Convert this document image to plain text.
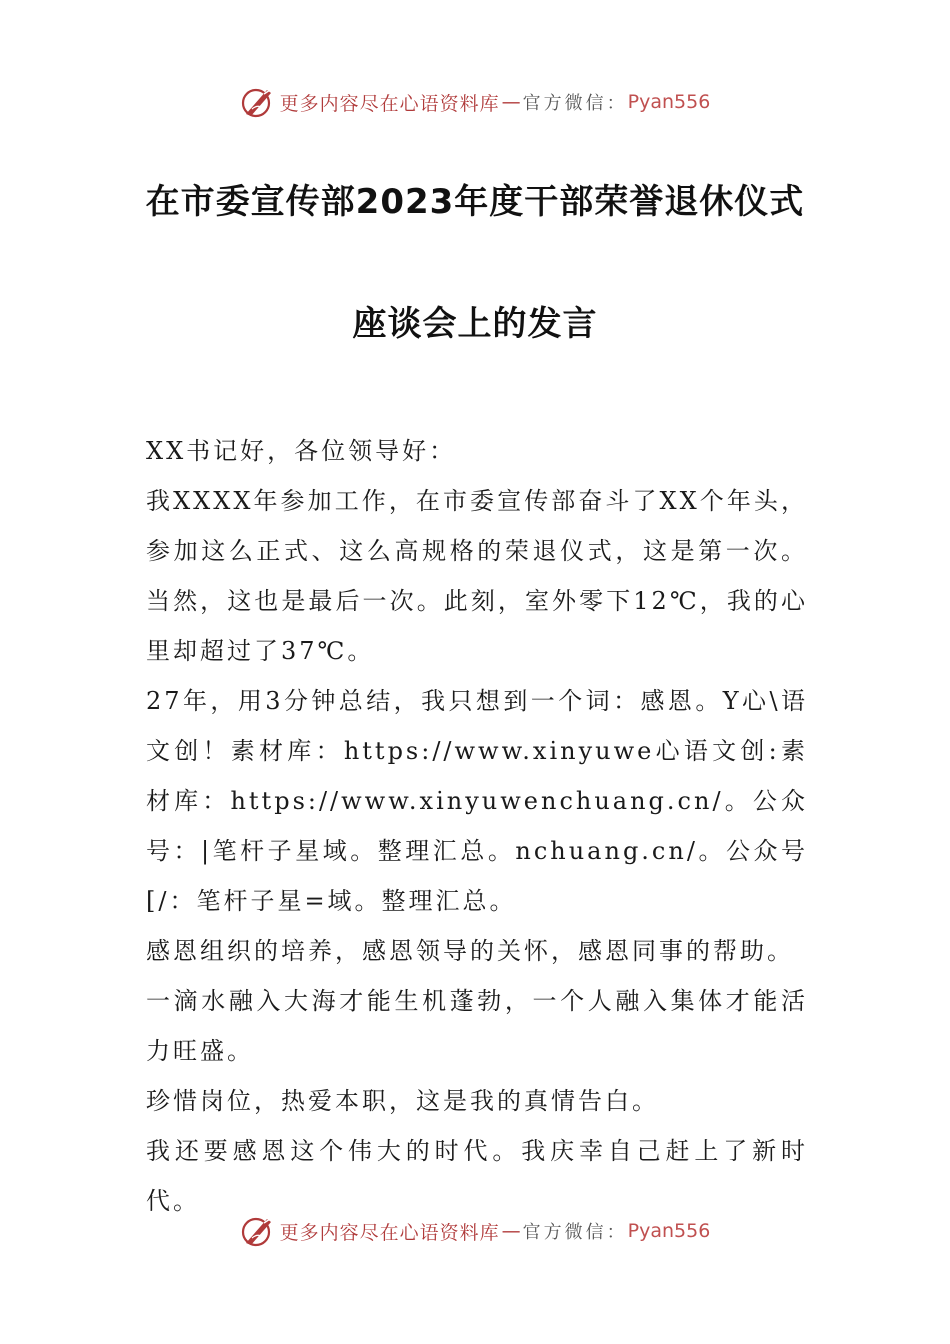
更多内容尽在心语资料库 — 官方微信： Pyan556
在市委宣传部2023年度干部荣誉退休仪式
座谈会上的发言

XX书记好，各位领导好：

我XXXX年参加工作，在市委宣传部奋斗了XX个年头，参加这么正式、这么高规格的荣退仪式，这是第一次。当然，这也是最后一次。此刻，室外零下12℃，我的心里却超过了37℃。

27年，用3分钟总结，我只想到一个词：感恩。Y心\语文创！素材库：https://www.xinyuwe心语文创:素材库：https://www.xinyuwenchuang.cn/。公众号：|笔杆子星域。整理汇总。nchuang.cn/。公众号[/：笔杆子星=域。整理汇总。

感恩组织的培养，感恩领导的关怀，感恩同事的帮助。

一滴水融入大海才能生机蓬勃，一个人融入集体才能活力旺盛。

珍惜岗位，热爱本职，这是我的真情告白。

我还要感恩这个伟大的时代。我庆幸自己赶上了新时代。

更多内容尽在心语资料库 — 官方微信： Pyan556
